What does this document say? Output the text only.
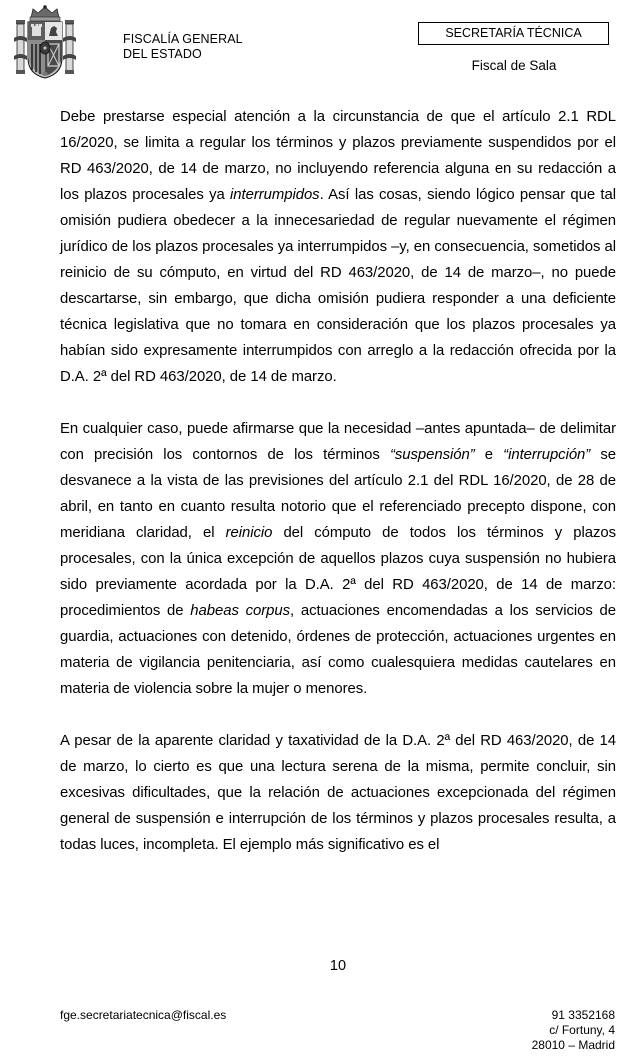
FISCALÍA GENERAL
DEL ESTADO
SECRETARÍA TÉCNICA
Fiscal de Sala

Debe prestarse especial atención a la circunstancia de que el artículo 2.1 RDL 16/2020, se limita a regular los términos y plazos previamente suspendidos por el RD 463/2020, de 14 de marzo, no incluyendo referencia alguna en su redacción a los plazos procesales ya interrumpidos. Así las cosas, siendo lógico pensar que tal omisión pudiera obedecer a la innecesariedad de regular nuevamente el régimen jurídico de los plazos procesales ya interrumpidos –y, en consecuencia, sometidos al reinicio de su cómputo, en virtud del RD 463/2020, de 14 de marzo–, no puede descartarse, sin embargo, que dicha omisión pudiera responder a una deficiente técnica legislativa que no tomara en consideración que los plazos procesales ya habían sido expresamente interrumpidos con arreglo a la redacción ofrecida por la D.A. 2ª del RD 463/2020, de 14 de marzo.

En cualquier caso, puede afirmarse que la necesidad –antes apuntada– de delimitar con precisión los contornos de los términos “suspensión” e “interrupción” se desvanece a la vista de las previsiones del artículo 2.1 del RDL 16/2020, de 28 de abril, en tanto en cuanto resulta notorio que el referenciado precepto dispone, con meridiana claridad, el reinicio del cómputo de todos los términos y plazos procesales, con la única excepción de aquellos plazos cuya suspensión no hubiera sido previamente acordada por la D.A. 2ª del RD 463/2020, de 14 de marzo: procedimientos de habeas corpus, actuaciones encomendadas a los servicios de guardia, actuaciones con detenido, órdenes de protección, actuaciones urgentes en materia de vigilancia penitenciaria, así como cualesquiera medidas cautelares en materia de violencia sobre la mujer o menores.

A pesar de la aparente claridad y taxatividad de la D.A. 2ª del RD 463/2020, de 14 de marzo, lo cierto es que una lectura serena de la misma, permite concluir, sin excesivas dificultades, que la relación de actuaciones excepcionada del régimen general de suspensión e interrupción de los términos y plazos procesales resulta, a todas luces, incompleta. El ejemplo más significativo es el

10
fge.secretariatecnica@fiscal.es	91 3352168
c/ Fortuny, 4
28010 – Madrid
